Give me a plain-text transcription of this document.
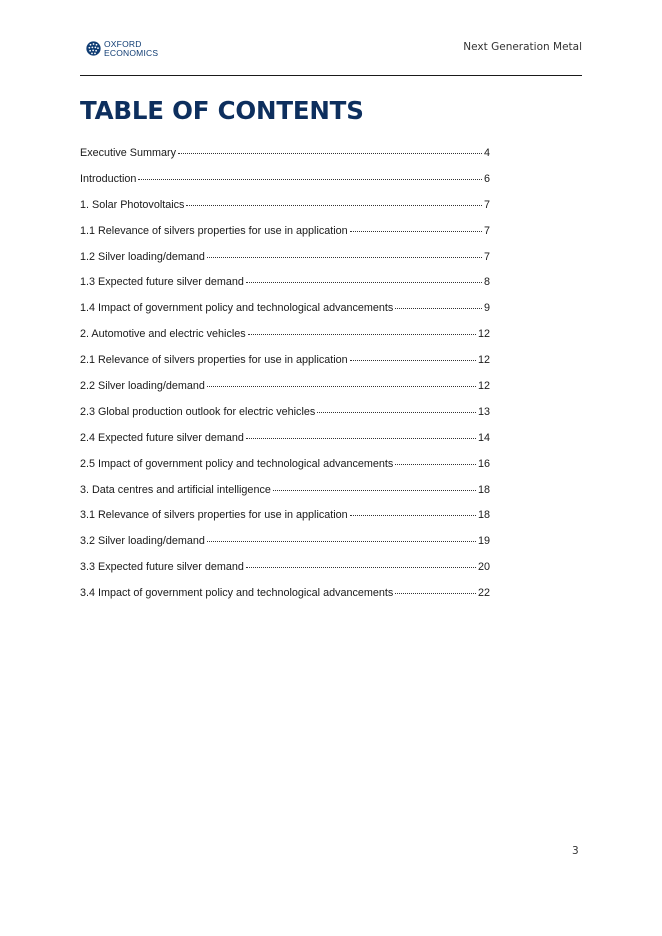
OXFORD
ECONOMICS	Next Generation Metal
TABLE OF CONTENTS
Executive Summary	4
Introduction	6
1. Solar Photovoltaics	7
1.1 Relevance of silvers properties for use in application	7
1.2 Silver loading/demand	7
1.3 Expected future silver demand	8
1.4 Impact of government policy and technological advancements	9
2. Automotive and electric vehicles	12
2.1 Relevance of silvers properties for use in application	12
2.2 Silver loading/demand	12
2.3 Global production outlook for electric vehicles	13
2.4 Expected future silver demand	14
2.5 Impact of government policy and technological advancements	16
3. Data centres and artificial intelligence	18
3.1 Relevance of silvers properties for use in application	18
3.2 Silver loading/demand	19
3.3 Expected future silver demand	20
3.4 Impact of government policy and technological advancements	22
3
